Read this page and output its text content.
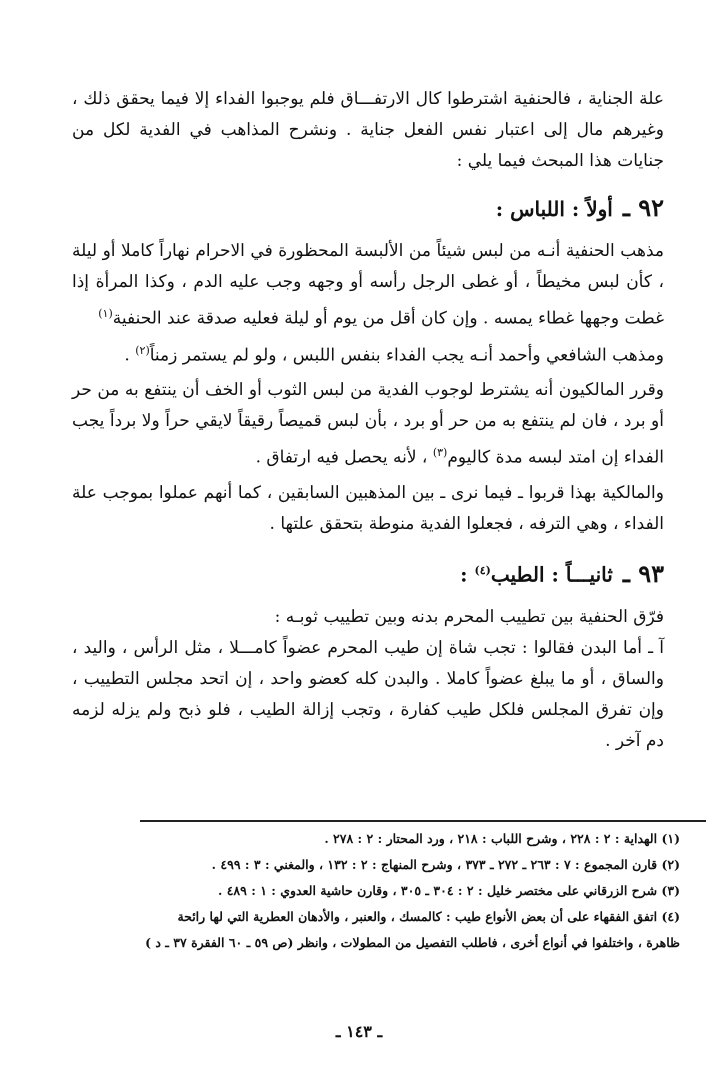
علة الجناية ، فالحنفية اشترطوا كال الارتفـــاق فلم يوجبوا الفداء إلا فيما يحقق ذلك ، وغيرهم مال إلى اعتبار نفس الفعل جناية . ونشرح المذاهب في الفدية لكل من جنايات هذا المبحث فيما يلي :

٩٢ ـ
أولاً : اللباس :

مذهب الحنفية أنـه من لبس شيئاً من الألبسة المحظورة في الاحرام نهاراً كاملا أو ليلة ، كأن لبس مخيطاً ، أو غطى الرجل رأسه أو وجهه وجب عليه الدم ، وكذا المرأة إذا غطت وجهها غطاء يمسه . وإن كان أقل من يوم أو ليلة فعليه صدقة عند الحنفية$^{(١)}$

ومذهب الشافعي وأحمد أنـه يجب الفداء بنفس اللبس ، ولو لم يستمر زمناً$^{(٢)}$ .

وقرر المالكيون أنه يشترط لوجوب الفدية من لبس الثوب أو الخف أن ينتفع به من حر أو برد ، فان لم ينتفع به من حر أو برد ، بأن لبس قميصاً رقيقاً لايقي حراً ولا برداً يجب الفداء إن امتد لبسه مدة كاليوم$^{(٣)}$ ، لأنه يحصل فيه ارتفاق .

والمالكية بهذا قربوا ـ فيما نرى ـ بين المذهبين السابقين ، كما أنهم عملوا بموجب علة الفداء ، وهي الترفه ، فجعلوا الفدية منوطة بتحقق علتها .

٩٣ ـ
ثانيـــاً : الطيب$^{(٤)}$ :

فرّق الحنفية بين تطييب المحرم بدنه وبين تطييب ثوبـه :

آ ـ أما البدن فقالوا : تجب شاة إن طيب المحرم عضواً كامـــلا ، مثل الرأس ، واليد ، والساق ، أو ما يبلغ عضواً كاملا . والبدن كله كعضو واحد ، إن اتحد مجلس التطييب ، وإن تفرق المجلس فلكل طيب كفارة ، وتجب إزالة الطيب ، فلو ذبح ولم يزله لزمه دم آخر .

(١) الهداية : ٢ : ٢٢٨ ، وشرح اللباب : ٢١٨ ، ورد المحتار : ٢ : ٢٧٨ .

(٢) قارن المجموع : ٧ : ٢٦٣ ـ ٢٧٢ ـ ٣٧٣ ، وشرح المنهاج : ٢ : ١٣٢ ، والمغني : ٣ : ٤٩٩ .

(٣) شرح الزرقاني على مختصر خليل : ٢ : ٣٠٤ ـ ٣٠٥ ، وقارن حاشية العدوي : ١ : ٤٨٩ .

(٤) اتفق الفقهاء على أن بعض الأنواع طيب : كالمسك ، والعنبر ، والأدهان العطرية التي لها رائحة

ظاهرة ، واختلفوا في أنواع أخرى ، فاطلب التفصيل من المطولات ، وانظر (ص ٥٩ ـ ٦٠ الفقرة ٣٧ ـ د )

ـ ١٤٣ ـ
